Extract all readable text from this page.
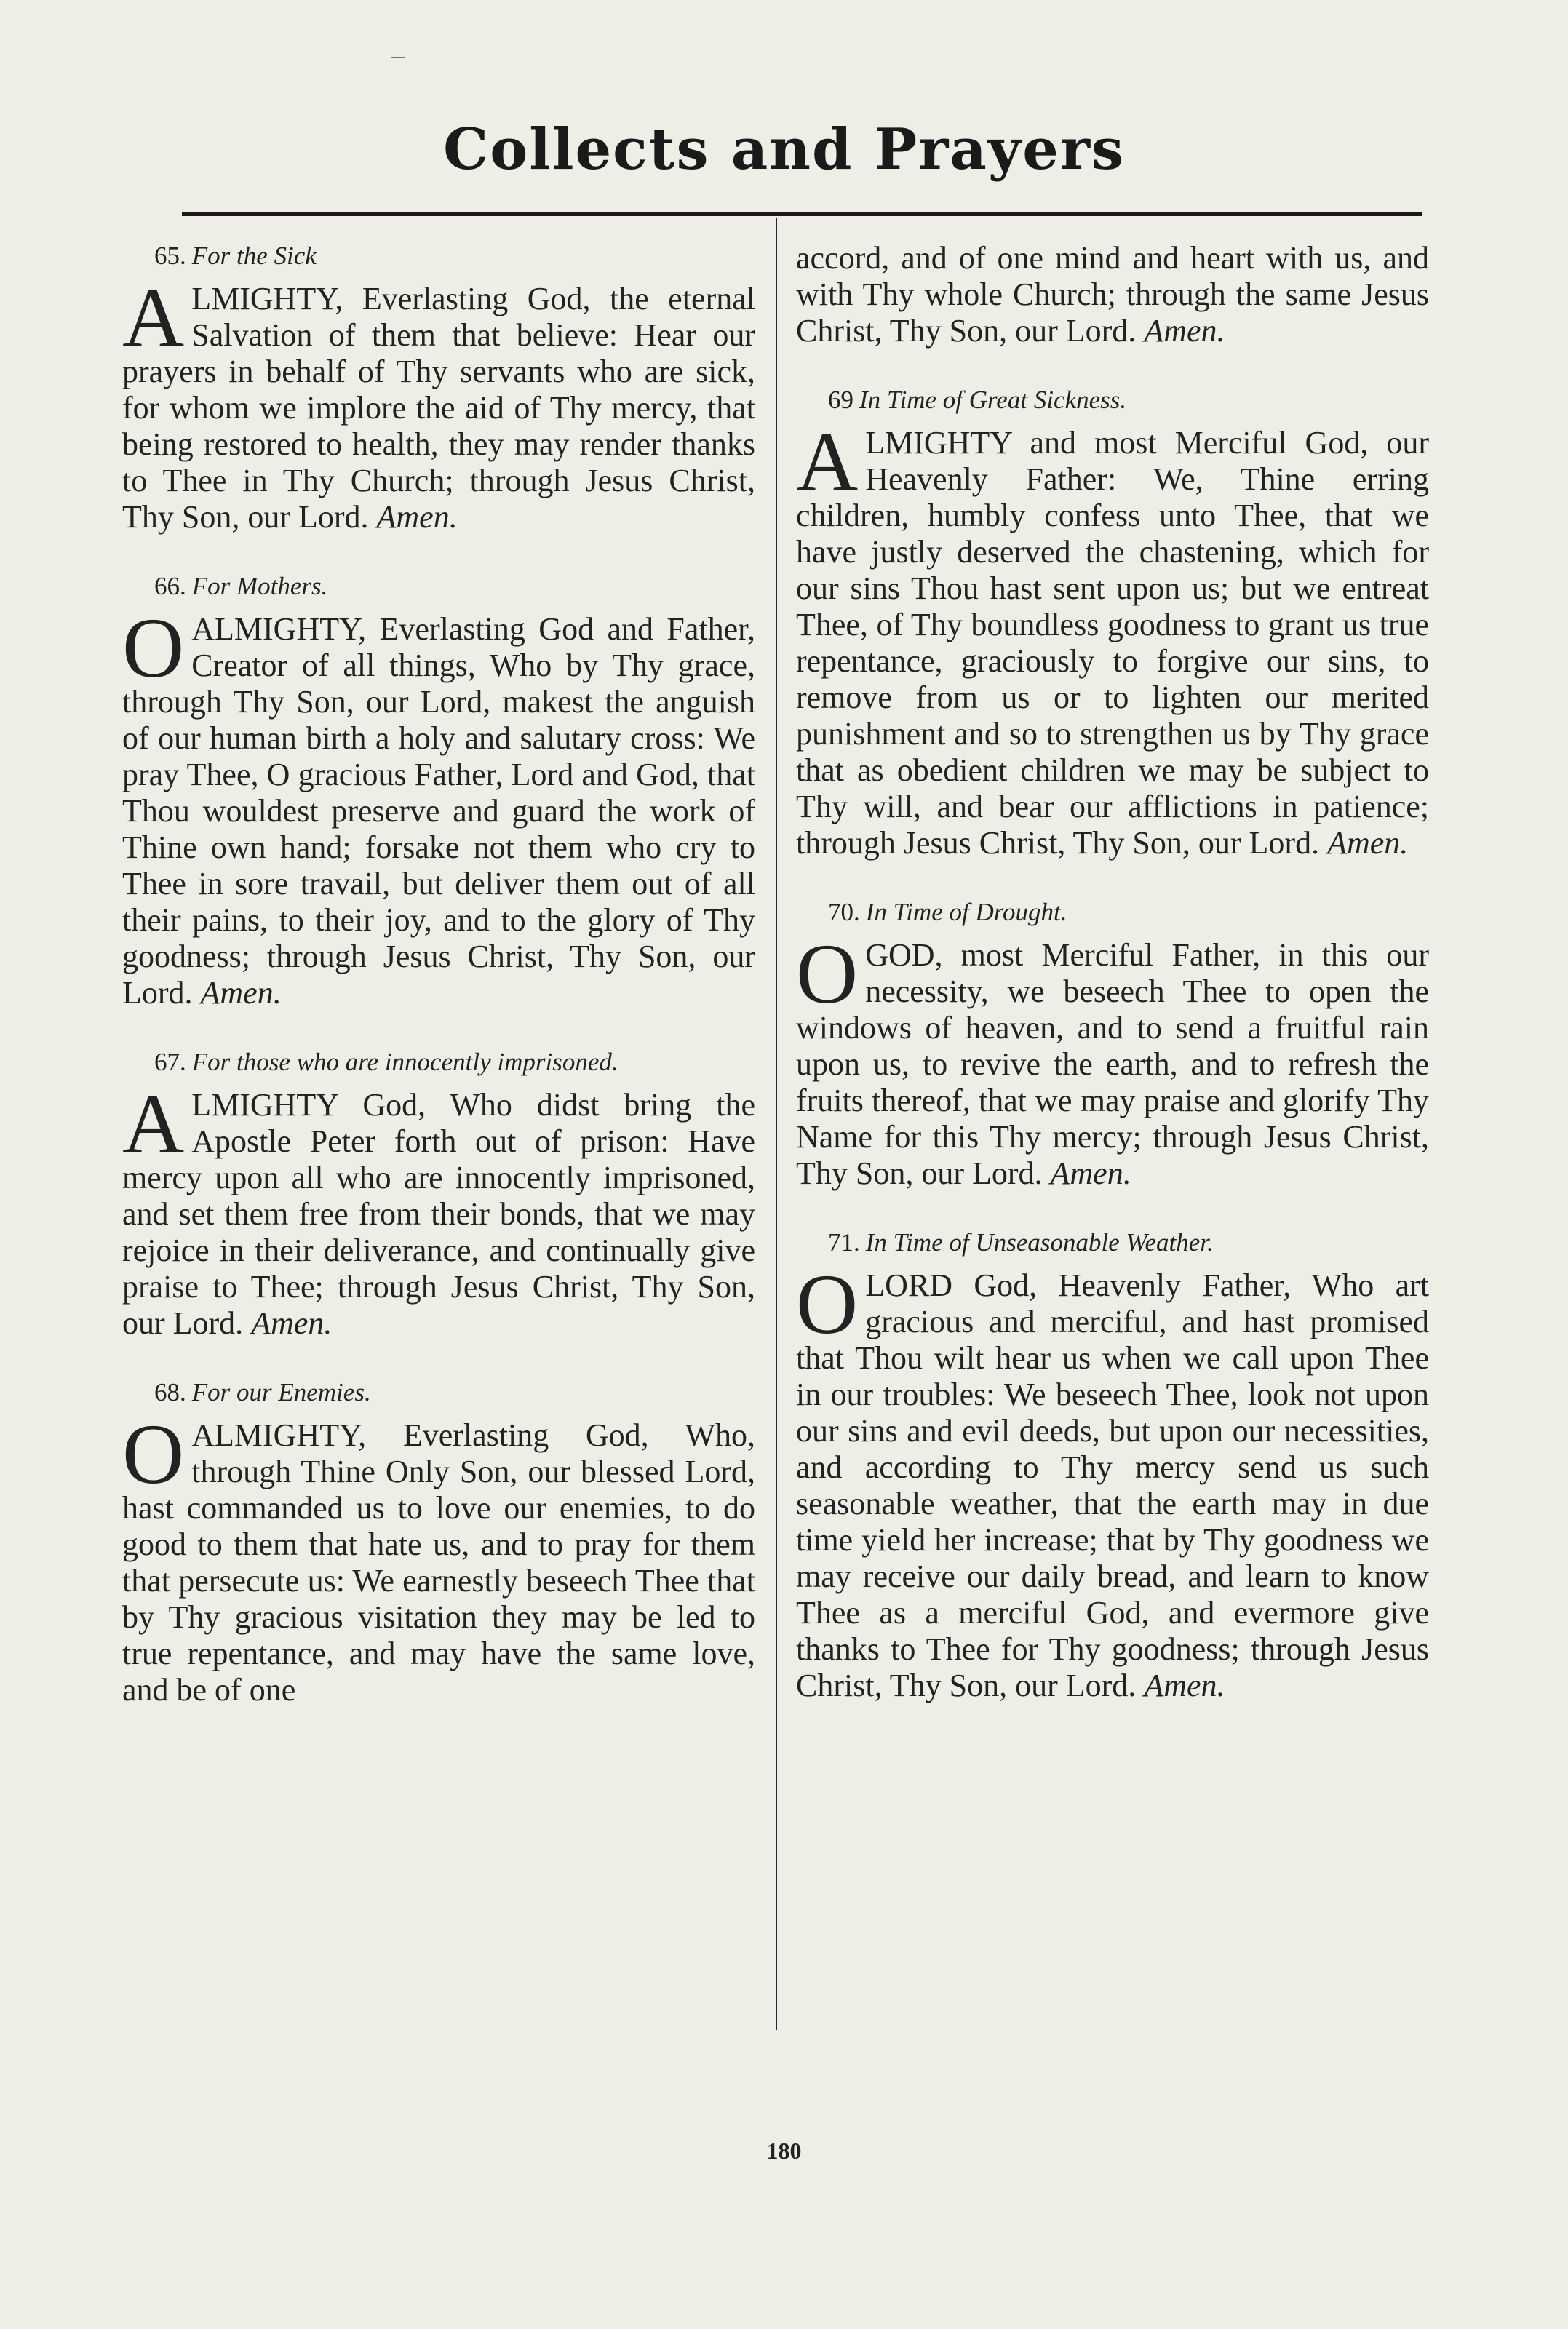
Collects and Prayers

65. For the Sick

ALMIGHTY, Everlasting God, the eternal Salvation of them that believe: Hear our prayers in behalf of Thy servants who are sick, for whom we implore the aid of Thy mercy, that being restored to health, they may render thanks to Thee in Thy Church; through Jesus Christ, Thy Son, our Lord. Amen.

66. For Mothers.

OALMIGHTY, Everlasting God and Father, Creator of all things, Who by Thy grace, through Thy Son, our Lord, makest the anguish of our human birth a holy and salutary cross: We pray Thee, O gracious Father, Lord and God, that Thou wouldest preserve and guard the work of Thine own hand; forsake not them who cry to Thee in sore travail, but deliver them out of all their pains, to their joy, and to the glory of Thy goodness; through Jesus Christ, Thy Son, our Lord. Amen.

67. For those who are innocently imprisoned.

ALMIGHTY God, Who didst bring the Apostle Peter forth out of prison: Have mercy upon all who are innocently imprisoned, and set them free from their bonds, that we may rejoice in their deliverance, and continually give praise to Thee; through Jesus Christ, Thy Son, our Lord. Amen.

68. For our Enemies.

OALMIGHTY, Everlasting God, Who, through Thine Only Son, our blessed Lord, hast commanded us to love our enemies, to do good to them that hate us, and to pray for them that persecute us: We earnestly beseech Thee that by Thy gracious visitation they may be led to true repentance, and may have the same love, and be of one

accord, and of one mind and heart with us, and with Thy whole Church; through the same Jesus Christ, Thy Son, our Lord. Amen.

69 In Time of Great Sickness.

ALMIGHTY and most Merciful God, our Heavenly Father: We, Thine erring children, humbly confess unto Thee, that we have justly deserved the chastening, which for our sins Thou hast sent upon us; but we entreat Thee, of Thy boundless goodness to grant us true repentance, graciously to forgive our sins, to remove from us or to lighten our merited punishment and so to strengthen us by Thy grace that as obedient children we may be subject to Thy will, and bear our afflictions in patience; through Jesus Christ, Thy Son, our Lord. Amen.

70. In Time of Drought.

OGOD, most Merciful Father, in this our necessity, we beseech Thee to open the windows of heaven, and to send a fruitful rain upon us, to revive the earth, and to refresh the fruits thereof, that we may praise and glorify Thy Name for this Thy mercy; through Jesus Christ, Thy Son, our Lord. Amen.

71. In Time of Unseasonable Weather.

OLORD God, Heavenly Father, Who art gracious and merciful, and hast promised that Thou wilt hear us when we call upon Thee in our troubles: We beseech Thee, look not upon our sins and evil deeds, but upon our necessities, and according to Thy mercy send us such seasonable weather, that the earth may in due time yield her increase; that by Thy goodness we may receive our daily bread, and learn to know Thee as a merciful God, and evermore give thanks to Thee for Thy goodness; through Jesus Christ, Thy Son, our Lord. Amen.

180
